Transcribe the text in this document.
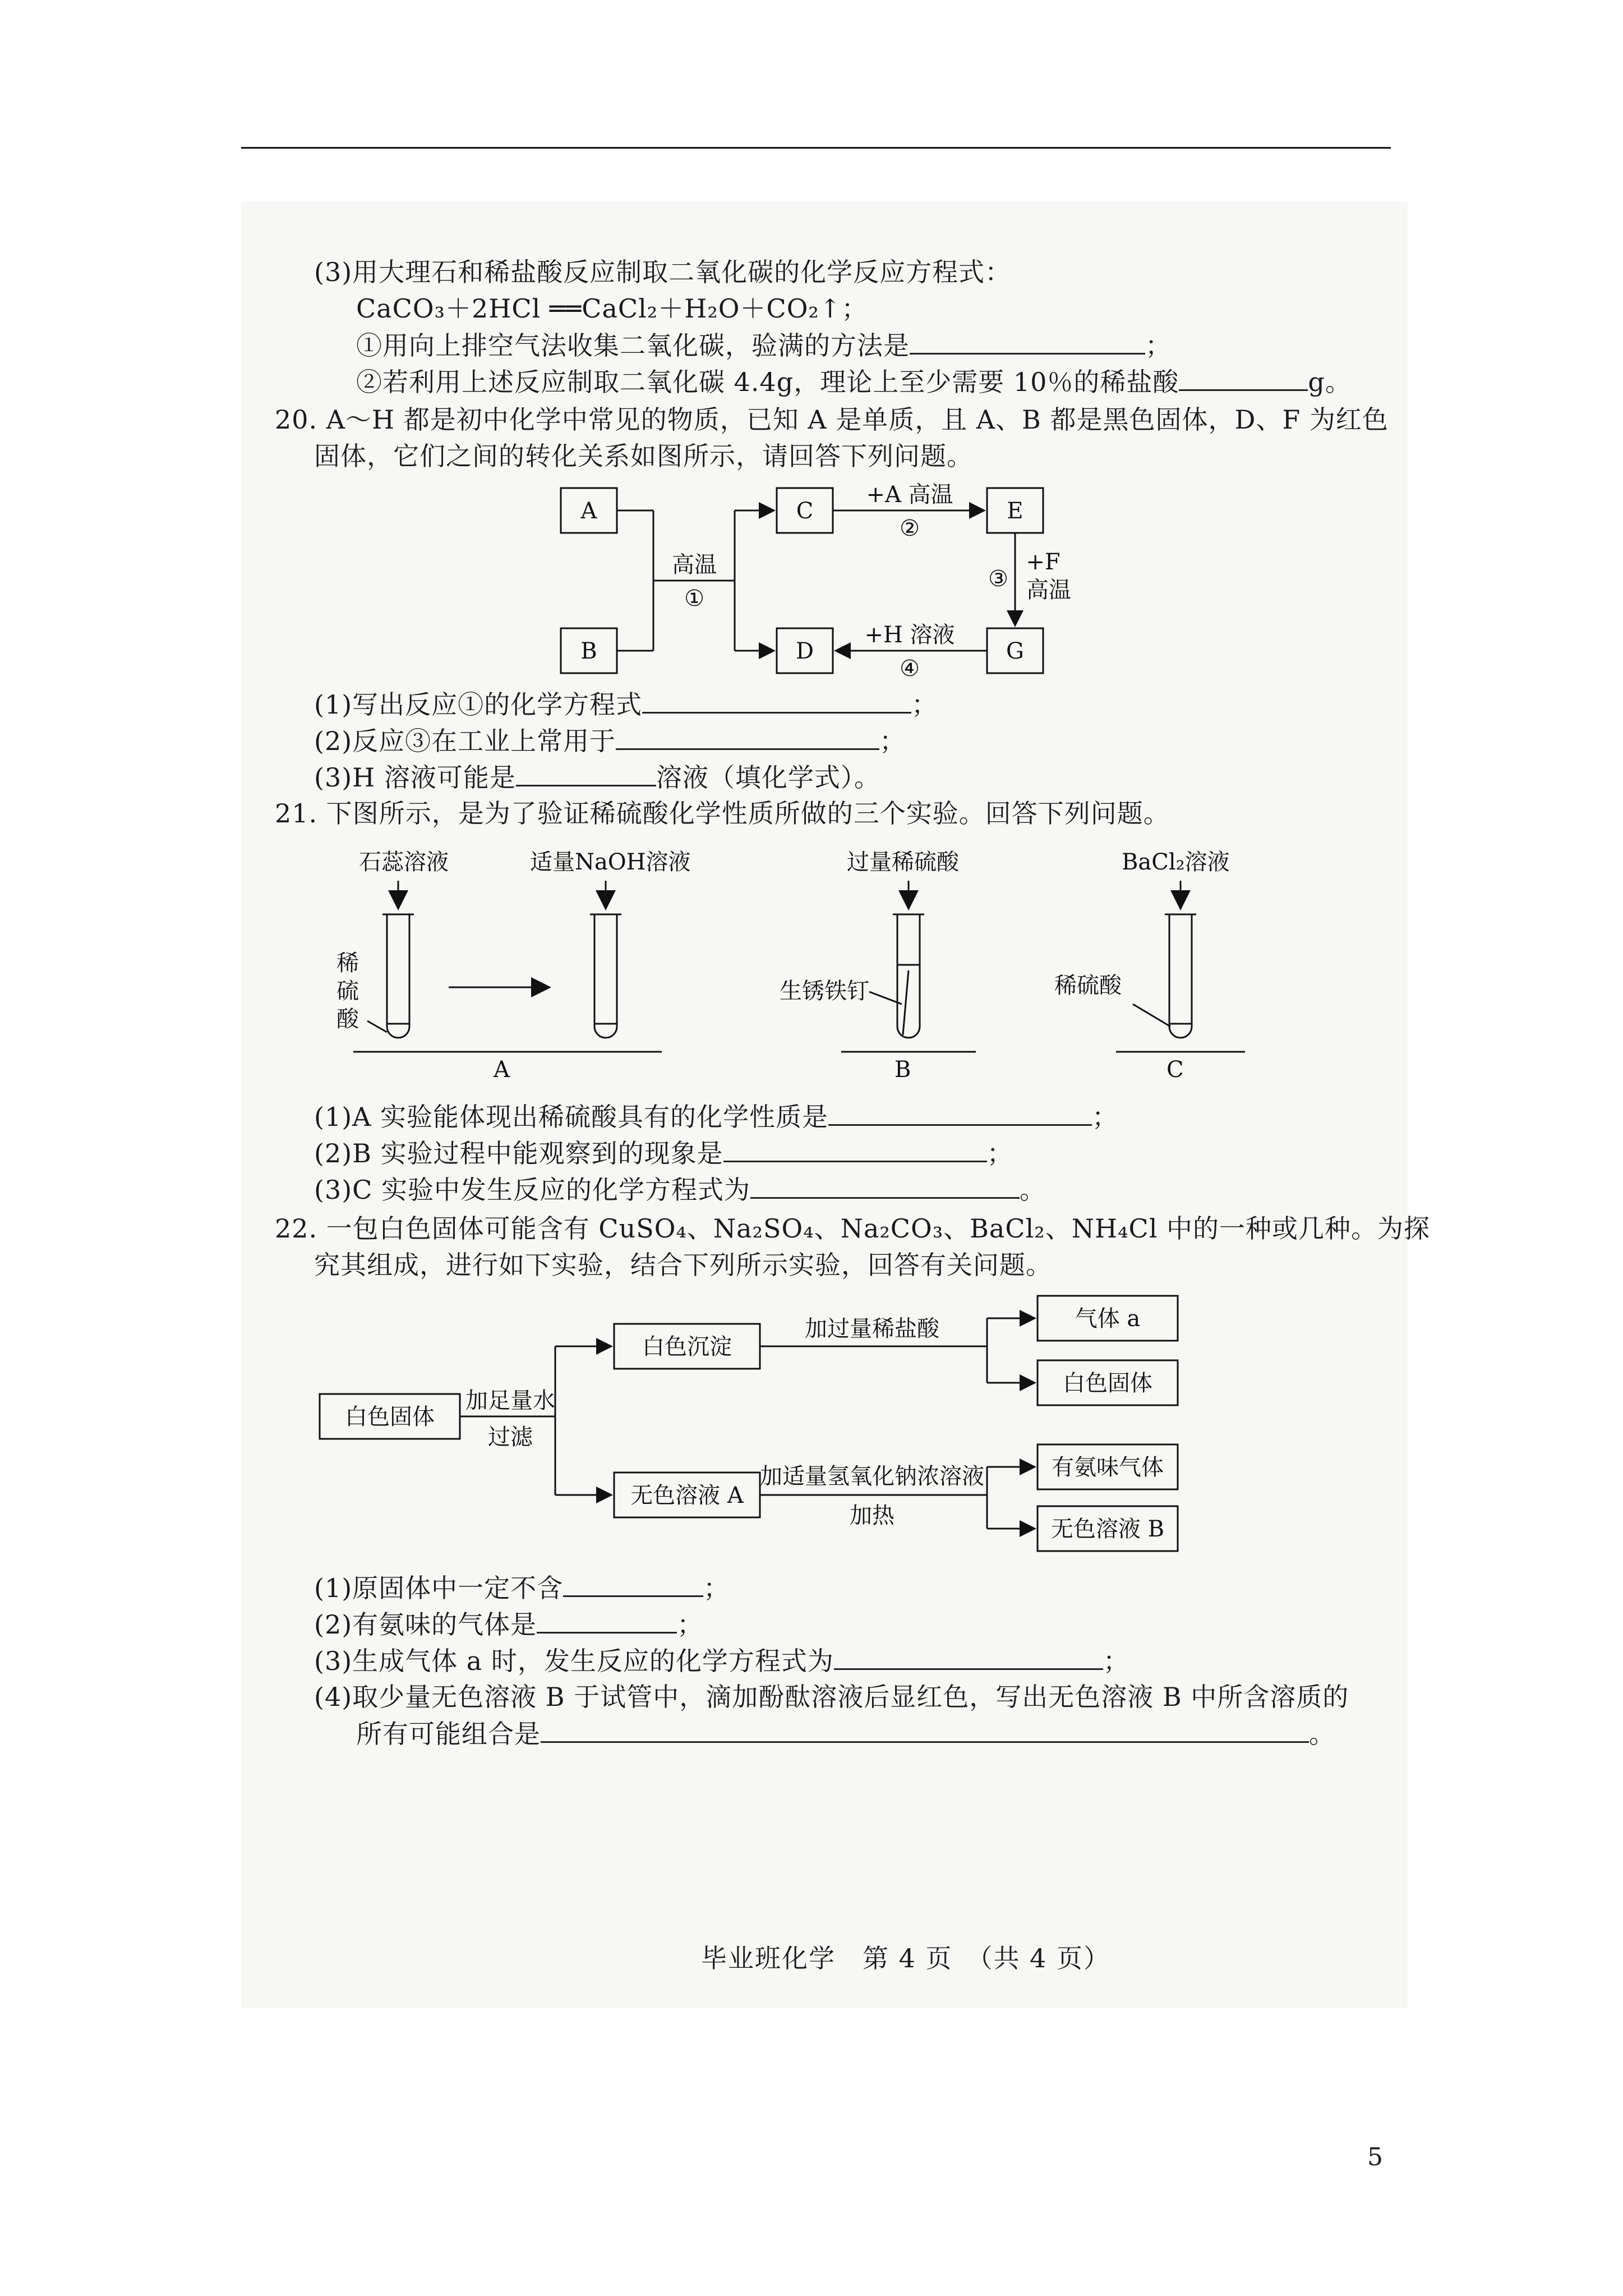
(3)用大理石和稀盐酸反应制取二氧化碳的化学反应方程式：
CaCO₃＋2HCl ══CaCl₂＋H₂O＋CO₂↑；
①用向上排空气法收集二氧化碳，验满的方法是	；
②若利用上述反应制取二氧化碳 4.4g，理论上至少需要 10％的稀盐酸	g。
20. A～H 都是初中化学中常见的物质，已知 A 是单质，且 A、B 都是黑色固体，D、F 为红色
固体，它们之间的转化关系如图所示，请回答下列问题。
A
B
C
D
E
G
高温
①
+A 高温
②
③
+F
高温
+H 溶液
④
(1)写出反应①的化学方程式	；
(2)反应③在工业上常用于	；
(3)H 溶液可能是	溶液（填化学式）。
21. 下图所示，是为了验证稀硫酸化学性质所做的三个实验。回答下列问题。
石蕊溶液	适量NaOH溶液	过量稀硫酸	BaCl₂溶液
稀
硫
酸
生锈铁钉	稀硫酸
A	B	C
(1)A 实验能体现出稀硫酸具有的化学性质是	；
(2)B 实验过程中能观察到的现象是	；
(3)C 实验中发生反应的化学方程式为	。
22. 一包白色固体可能含有 CuSO₄、Na₂SO₄、Na₂CO₃、BaCl₂、NH₄Cl 中的一种或几种。为探
究其组成，进行如下实验，结合下列所示实验，回答有关问题。
白色固体
加足量水
过滤
白色沉淀
加过量稀盐酸	气体 a
白色固体
无色溶液 A
加适量氢氧化钠浓溶液
加热
有氨味气体
无色溶液 B
(1)原固体中一定不含	；
(2)有氨味的气体是	；
(3)生成气体 a 时，发生反应的化学方程式为	；
(4)取少量无色溶液 B 于试管中，滴加酚酞溶液后显红色，写出无色溶液 B 中所含溶质的
所有可能组合是	。
毕业班化学　第 4 页　（共 4 页）
5
